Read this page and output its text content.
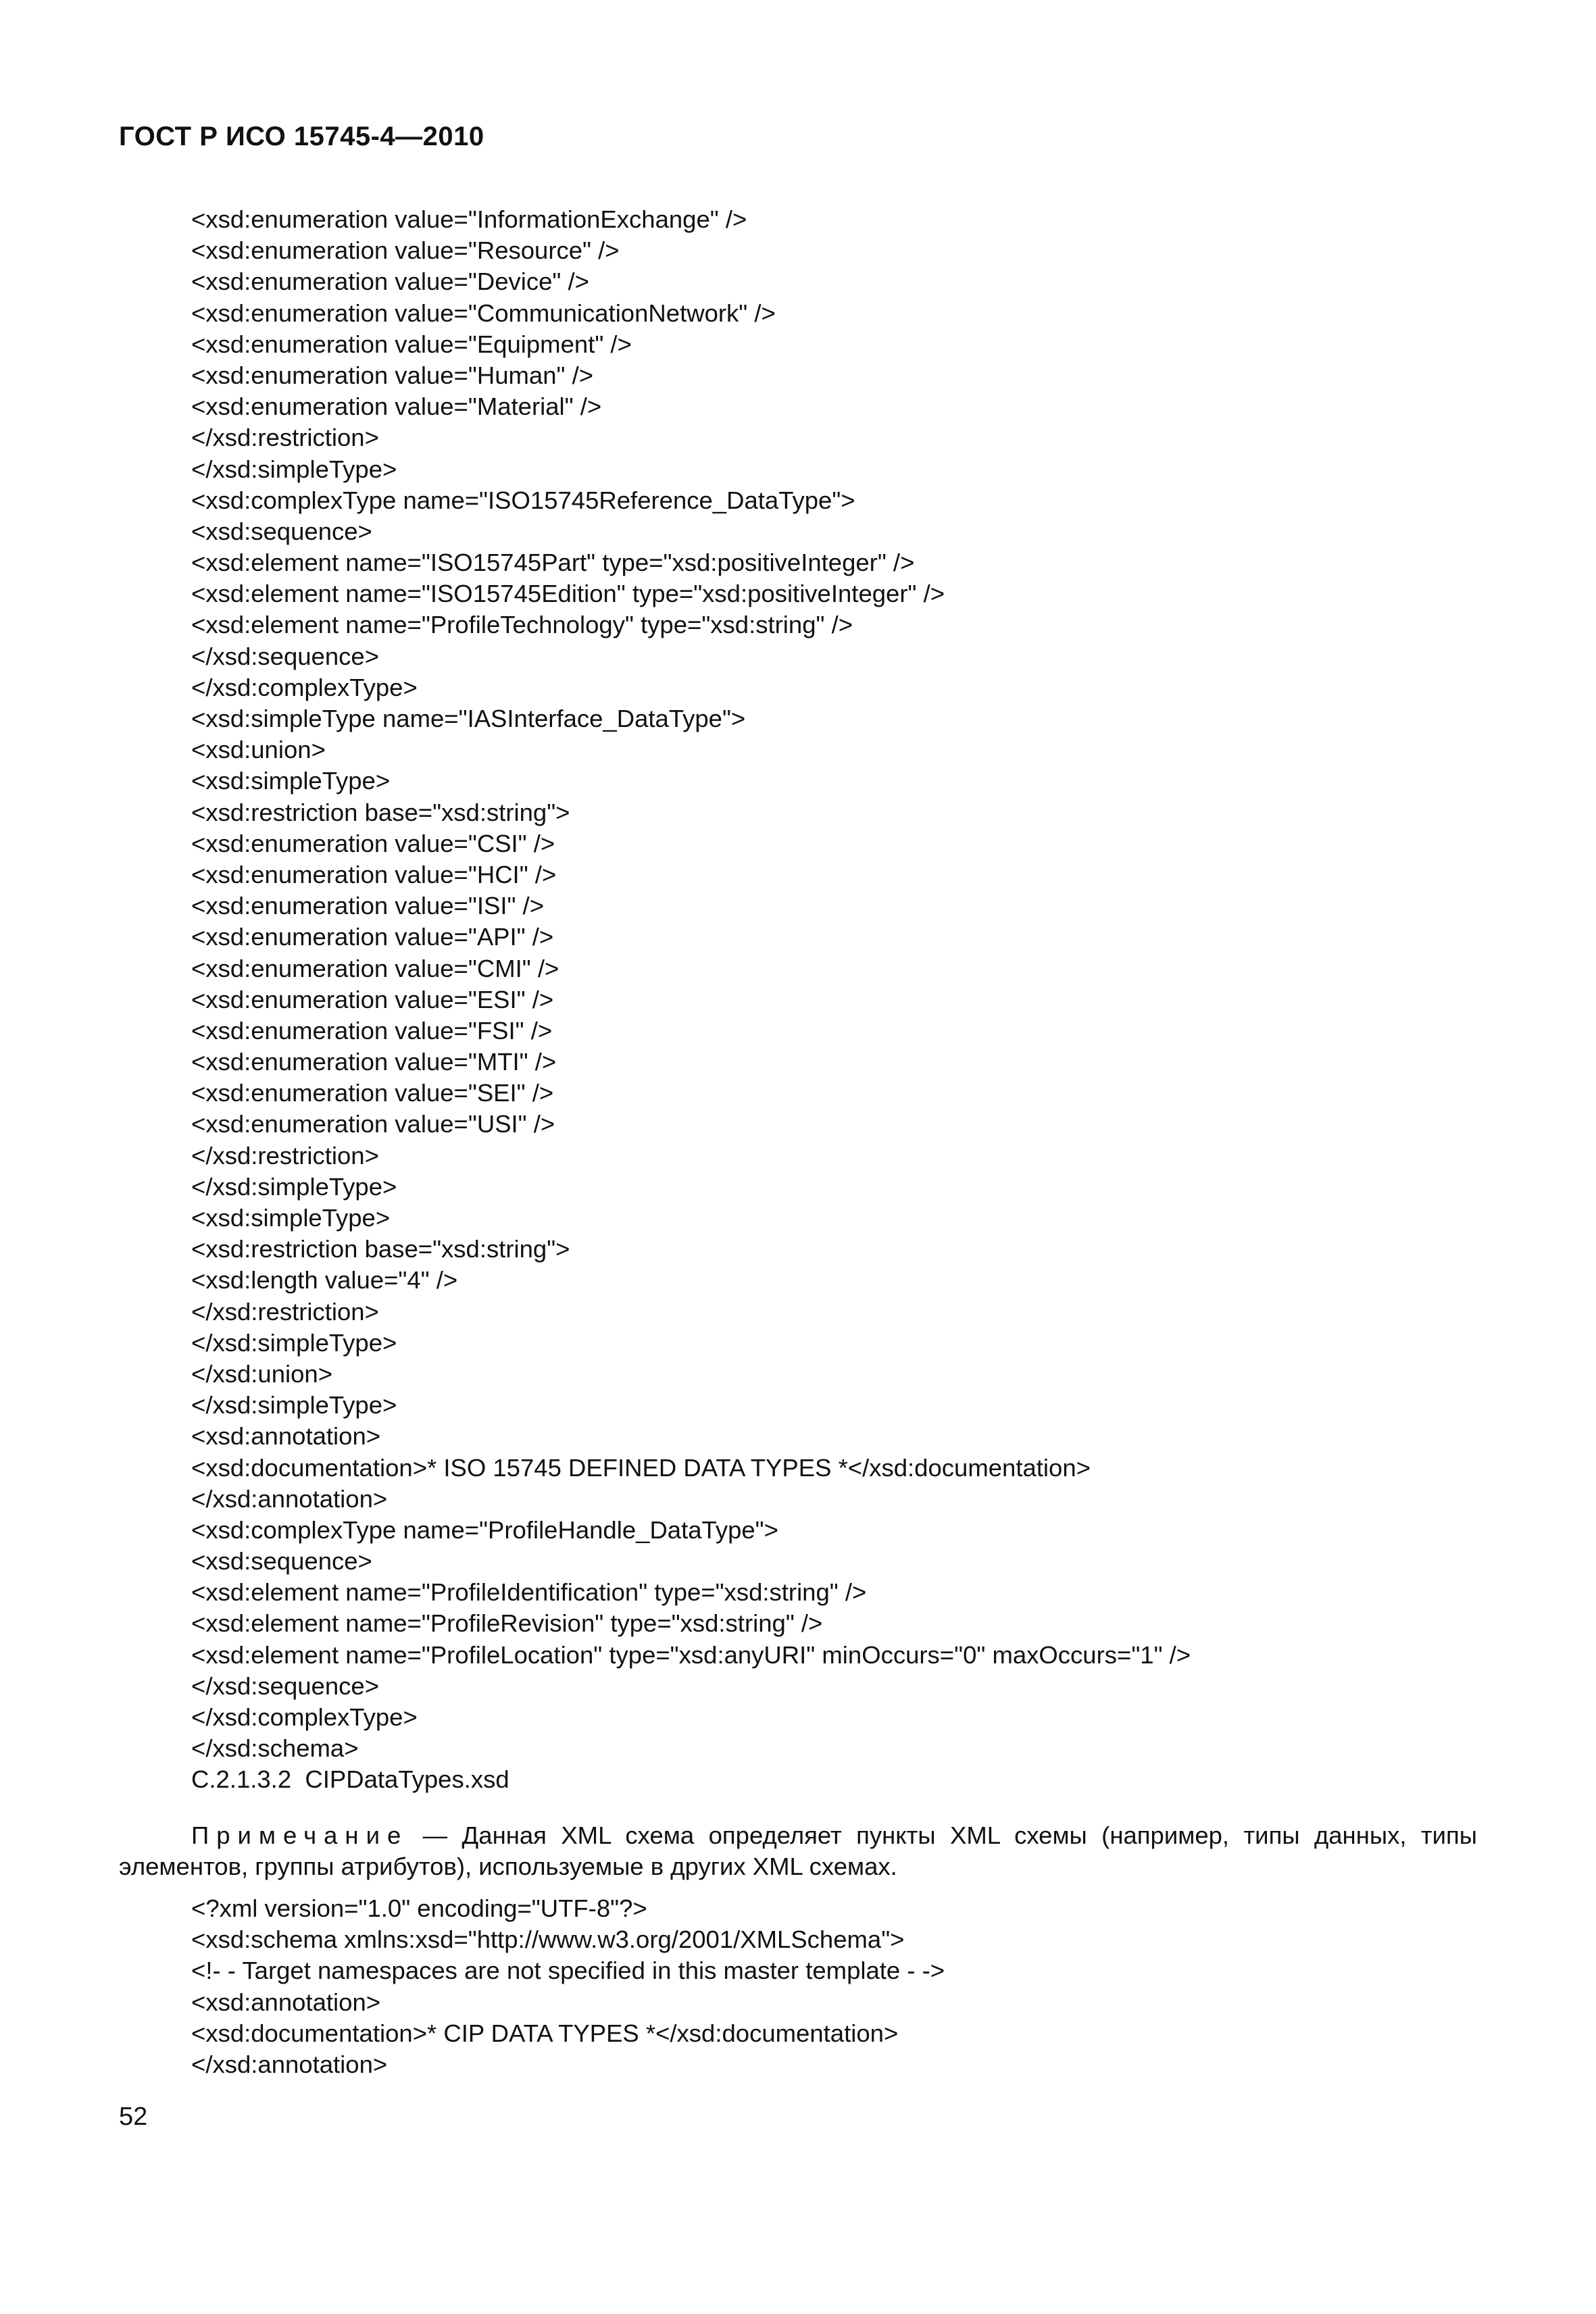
ГОСТ Р ИСО 15745-4—2010
<xsd:enumeration value="InformationExchange" />
<xsd:enumeration value="Resource" />
<xsd:enumeration value="Device" />
<xsd:enumeration value="CommunicationNetwork" />
<xsd:enumeration value="Equipment" />
<xsd:enumeration value="Human" />
<xsd:enumeration value="Material" />
</xsd:restriction>
</xsd:simpleType>
<xsd:complexType name="ISO15745Reference_DataType">
<xsd:sequence>
<xsd:element name="ISO15745Part" type="xsd:positiveInteger" />
<xsd:element name="ISO15745Edition" type="xsd:positiveInteger" />
<xsd:element name="ProfileTechnology" type="xsd:string" />
</xsd:sequence>
</xsd:complexType>
<xsd:simpleType name="IASInterface_DataType">
<xsd:union>
<xsd:simpleType>
<xsd:restriction base="xsd:string">
<xsd:enumeration value="CSI" />
<xsd:enumeration value="HCI" />
<xsd:enumeration value="ISI" />
<xsd:enumeration value="API" />
<xsd:enumeration value="CMI" />
<xsd:enumeration value="ESI" />
<xsd:enumeration value="FSI" />
<xsd:enumeration value="MTI" />
<xsd:enumeration value="SEI" />
<xsd:enumeration value="USI" />
</xsd:restriction>
</xsd:simpleType>
<xsd:simpleType>
<xsd:restriction base="xsd:string">
<xsd:length value="4" />
</xsd:restriction>
</xsd:simpleType>
</xsd:union>
</xsd:simpleType>
<xsd:annotation>
<xsd:documentation>* ISO 15745 DEFINED DATA TYPES *</xsd:documentation>
</xsd:annotation>
<xsd:complexType name="ProfileHandle_DataType">
<xsd:sequence>
<xsd:element name="ProfileIdentification" type="xsd:string" />
<xsd:element name="ProfileRevision" type="xsd:string" />
<xsd:element name="ProfileLocation" type="xsd:anyURI" minOccurs="0" maxOccurs="1" />
</xsd:sequence>
</xsd:complexType>
</xsd:schema>
C.2.1.3.2  CIPDataTypes.xsd
Примечание — Данная XML схема определяет пункты XML схемы (например, типы данных, типы элементов, группы атрибутов), используемые в других XML схемах.
<?xml version="1.0" encoding="UTF-8"?>
<xsd:schema xmlns:xsd="http://www.w3.org/2001/XMLSchema">
<!- - Target namespaces are not specified in this master template - ->
<xsd:annotation>
<xsd:documentation>* CIP DATA TYPES *</xsd:documentation>
</xsd:annotation>
52
